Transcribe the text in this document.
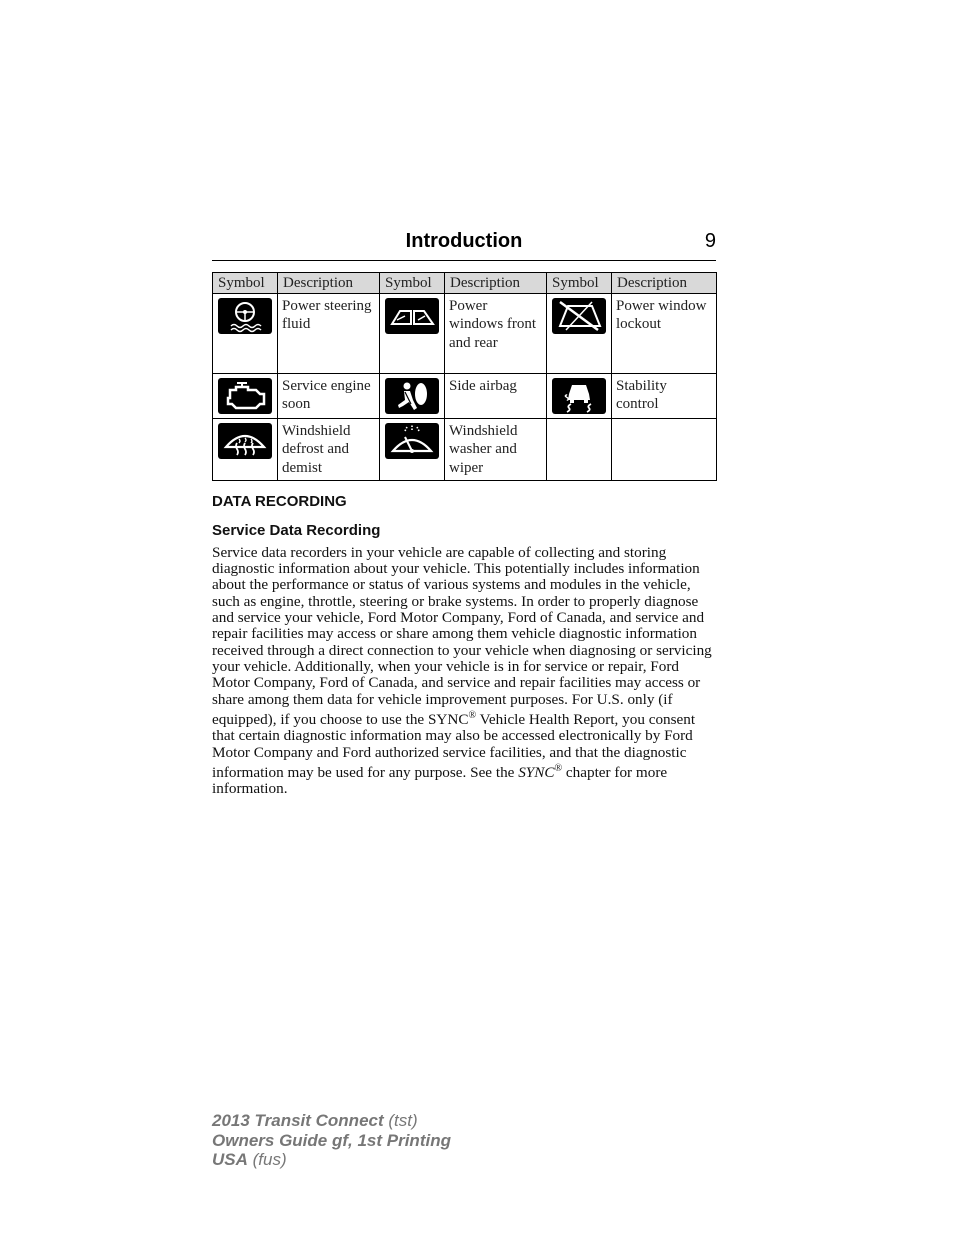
Introduction	9
Symbol	Description	Symbol	Description	Symbol	Description

	Power steering fluid		Power windows front and rear		Power window lockout

	Service engine soon		Side airbag		Stability control

	Windshield defrost and demist		Windshield washer and wiper		
DATA RECORDING
Service Data Recording

Service data recorders in your vehicle are capable of collecting and storing diagnostic information about your vehicle. This potentially includes information about the performance or status of various systems and modules in the vehicle, such as engine, throttle, steering or brake systems. In order to properly diagnose and service your vehicle, Ford Motor Company, Ford of Canada, and service and repair facilities may access or share among them vehicle diagnostic information received through a direct connection to your vehicle when diagnosing or servicing your vehicle. Additionally, when your vehicle is in for service or repair, Ford Motor Company, Ford of Canada, and service and repair facilities may access or share among them data for vehicle improvement purposes. For U.S. only (if equipped), if you choose to use the SYNC® Vehicle Health Report, you consent that certain diagnostic information may also be accessed electronically by Ford Motor Company and Ford authorized service facilities, and that the diagnostic information may be used for any purpose. See the SYNC® chapter for more information.

2013 Transit Connect (tst)
Owners Guide gf, 1st Printing
USA (fus)
